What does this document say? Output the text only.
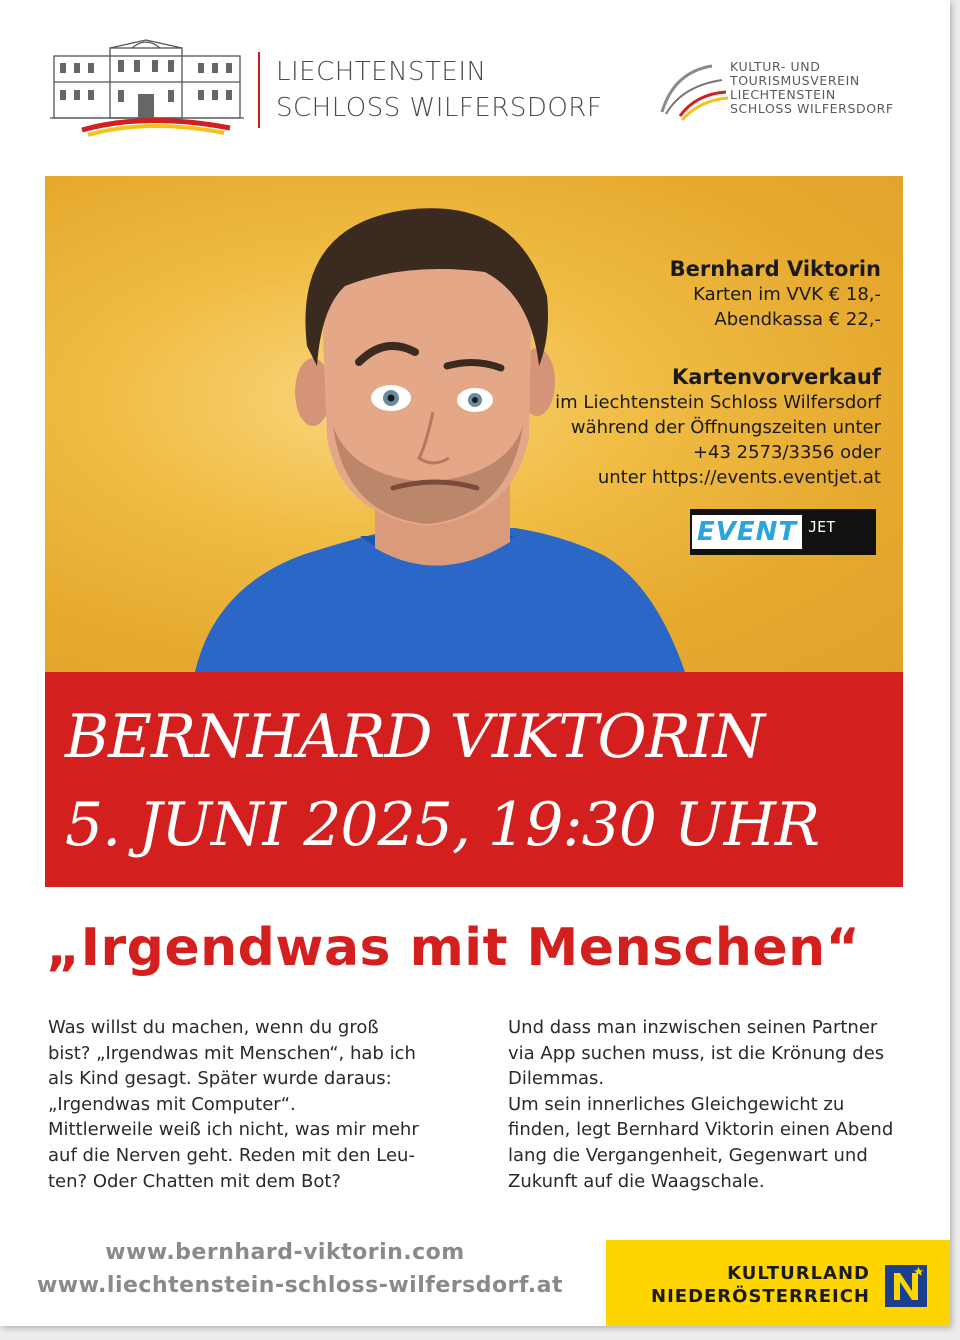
LIECHTENSTEIN
SCHLOSS WILFERSDORF
KULTUR- UND
TOURISMUSVEREIN
LIECHTENSTEIN
SCHLOSS WILFERSDORF
Bernhard Viktorin
Karten im VVK € 18,-
Abendkassa € 22,-
Kartenvorverkauf
im Liechtenstein Schloss Wilfersdorf
während der Öffnungszeiten unter
+43 2573/3356 oder
unter https://events.eventjet.at
EVENT JET
BERNHARD VIKTORIN
5. JUNI 2025, 19:30 UHR
„Irgendwas mit Menschen“
Was willst du machen, wenn du groß
bist? „Irgendwas mit Menschen“, hab ich
als Kind gesagt. Später wurde daraus:
„Irgendwas mit Computer“.
Mittlerweile weiß ich nicht, was mir mehr
auf die Nerven geht. Reden mit den Leu-
ten? Oder Chatten mit dem Bot?
Und dass man inzwischen seinen Partner
via App suchen muss, ist die Krönung des
Dilemmas.
Um sein innerliches Gleichgewicht zu
finden, legt Bernhard Viktorin einen Abend
lang die Vergangenheit, Gegenwart und
Zukunft auf die Waagschale.
www.bernhard-viktorin.com
www.liechtenstein-schloss-wilfersdorf.at	KULTURLAND
NIEDERÖSTERREICH
